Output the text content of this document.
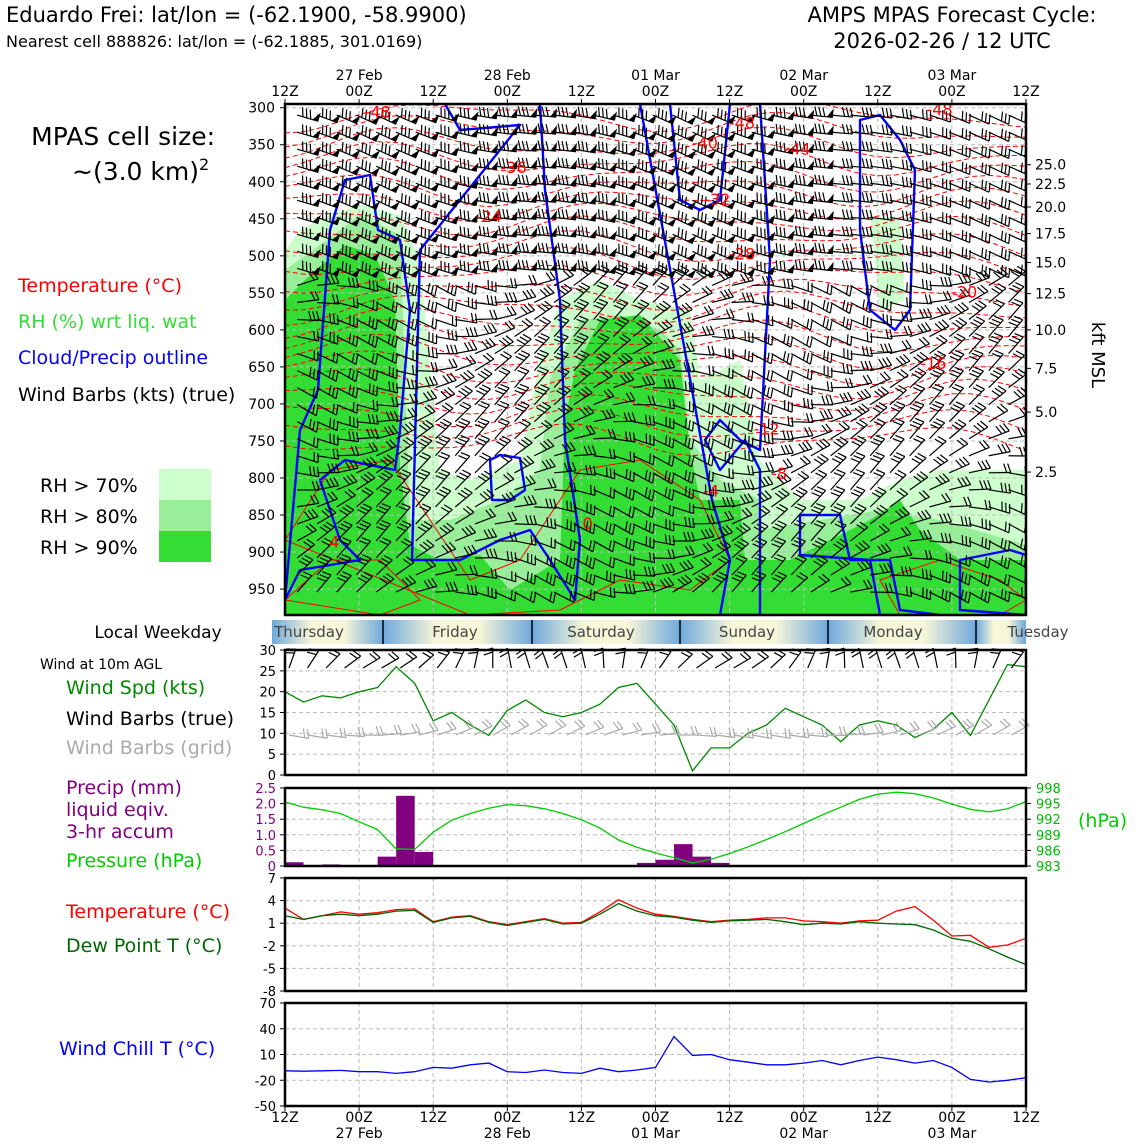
Eduardo Frei: lat/lon = (-62.1900, -58.9900)
Nearest cell 888826: lat/lon = (-62.1885, 301.0169)
AMPS MPAS Forecast Cycle:
2026-02-26 / 12 UTC
MPAS cell size:
~(3.0 km)$^2$
Temperature (°C)
RH (%) wrt liq. wat
Cloud/Precip outline
Wind Barbs (kts) (true)
RH > 70%
RH > 80%
RH > 90%
-48
-36
-24
-40
-48
-44
-32
-28
-48
-20
-16
-12
-8
-4
0
4
300
350
400
450
500
550
600
650
700
750
800
850
900
950
25.0
22.5
20.0
17.5
15.0
12.5
10.0
7.5
5.0
2.5
12Z	00Z	12Z	00Z	12Z	00Z	12Z	00Z	12Z	00Z	12Z
27 Feb	28 Feb	01 Mar	02 Mar	03 Mar
kft MSL
Local Weekday	Thursday	Friday	Saturday	Sunday	Monday	Tuesday
Wind at 10m AGL
Wind Spd (kts)
Wind Barbs (true)
Wind Barbs (grid)
0
5
10
15
20
25
30
Precip (mm)
liquid eqiv.
3-hr accum
Pressure (hPa)
(hPa)
0
0.5
1.0
1.5
2.0
2.5
983
986
989
992
995
998
Temperature (°C)
Dew Point T (°C)
-8
-5
-2
1
4
7
Wind Chill T (°C)
-50
-20
10
40
70
12Z	00Z	12Z	00Z	12Z	00Z	12Z	00Z	12Z	00Z	12Z
27 Feb	28 Feb	01 Mar	02 Mar	03 Mar
